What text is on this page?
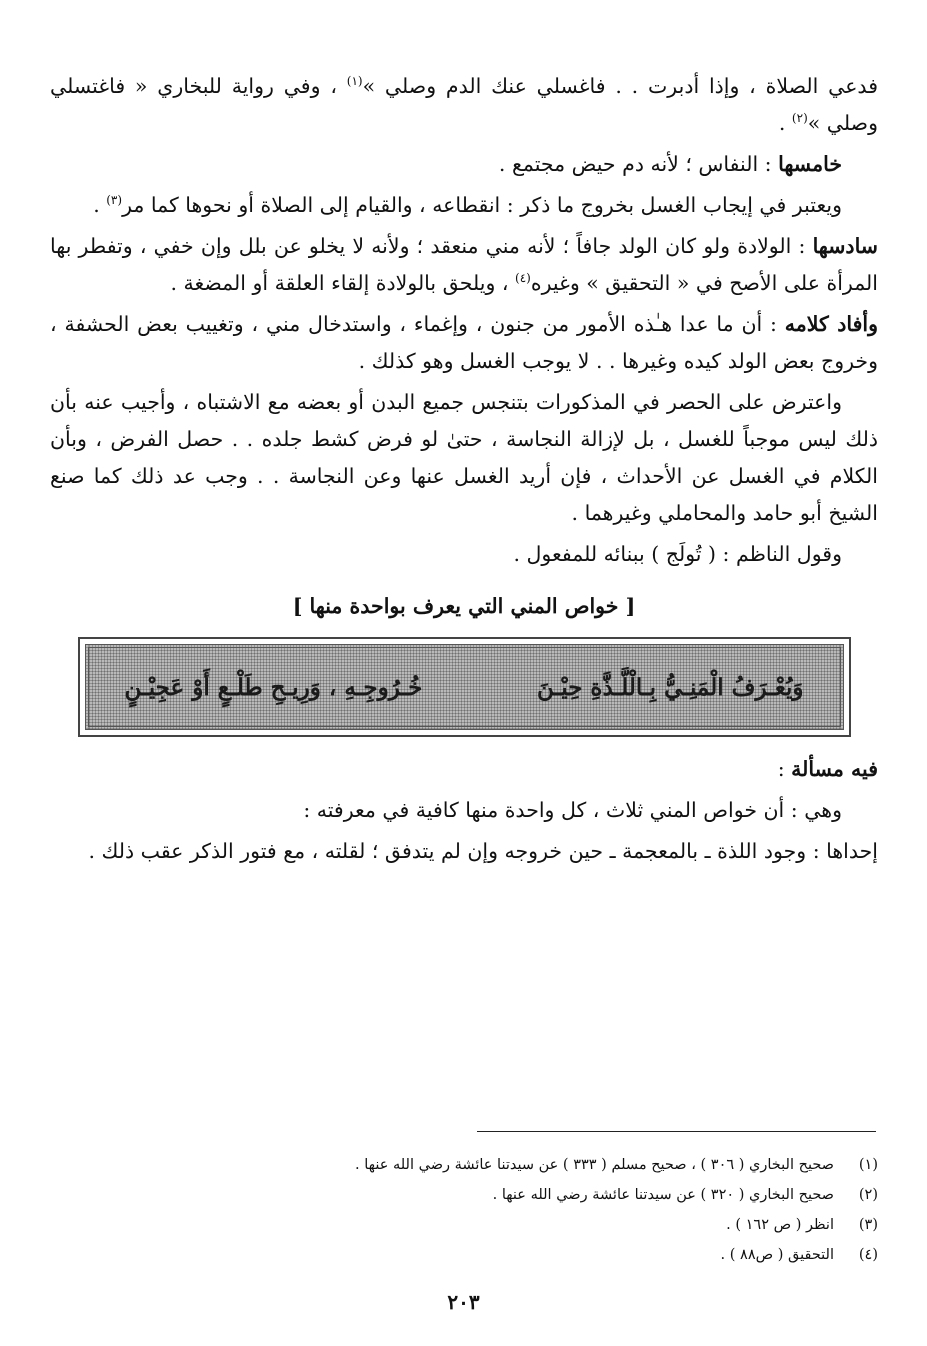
فدعي الصلاة ، وإذا أدبرت . . فاغسلي عنك الدم وصلي »$^{(١)}$ ، وفي رواية للبخاري « فاغتسلي وصلي »$^{(٢)}$ .

خامسها : النفاس ؛ لأنه دم حيض مجتمع .

ويعتبر في إيجاب الغسل بخروج ما ذكر : انقطاعه ، والقيام إلى الصلاة أو نحوها كما مر$^{(٣)}$ .

سادسها : الولادة ولو كان الولد جافاً ؛ لأنه مني منعقد ؛ ولأنه لا يخلو عن بلل وإن خفي ، وتفطر بها المرأة على الأصح في « التحقيق » وغيره$^{(٤)}$ ، ويلحق بالولادة إلقاء العلقة أو المضغة .

وأفاد كلامه : أن ما عدا هـٰذه الأمور من جنون ، وإغماء ، واستدخال مني ، وتغييب بعض الحشفة ، وخروج بعض الولد كيده وغيرها . . لا يوجب الغسل وهو كذلك .

واعترض على الحصر في المذكورات بتنجس جميع البدن أو بعضه مع الاشتباه ، وأجيب عنه بأن ذلك ليس موجباً للغسل ، بل لإزالة النجاسة ، حتىٰ لو فرض كشط جلده . . حصل الفرض ، وبأن الكلام في الغسل عن الأحداث ، فإن أريد الغسل عنها وعن النجاسة . . وجب عد ذلك كما صنع الشيخ أبو حامد والمحاملي وغيرهما .

وقول الناظم : ( تُولَج ) ببنائه للمفعول .

[ خواص المني التي يعرف بواحدة منها ]
وَيُعْـرَفُ الْمَنِـيُّ بِـالْلَّـذَّةِ حِيْـنَ
خُـرُوجِـهِ ، وَرِيـحِ طَلْـعٍ أَوْ عَجِيْـنٍ

فيه مسألة :

وهي : أن خواص المني ثلاث ، كل واحدة منها كافية في معرفته :

إحداها : وجود اللذة ـ بالمعجمة ـ حين خروجه وإن لم يتدفق ؛ لقلته ، مع فتور الذكر عقب ذلك .

(١)
صحيح البخاري ( ٣٠٦ ) ، صحيح مسلم ( ٣٣٣ ) عن سيدتنا عائشة رضي الله عنها .
(٢)
صحيح البخاري ( ٣٢٠ ) عن سيدتنا عائشة رضي الله عنها .
(٣)
انظر ( ص ١٦٢ ) .
(٤)
التحقيق ( ص٨٨ ) .
٢٠٣
